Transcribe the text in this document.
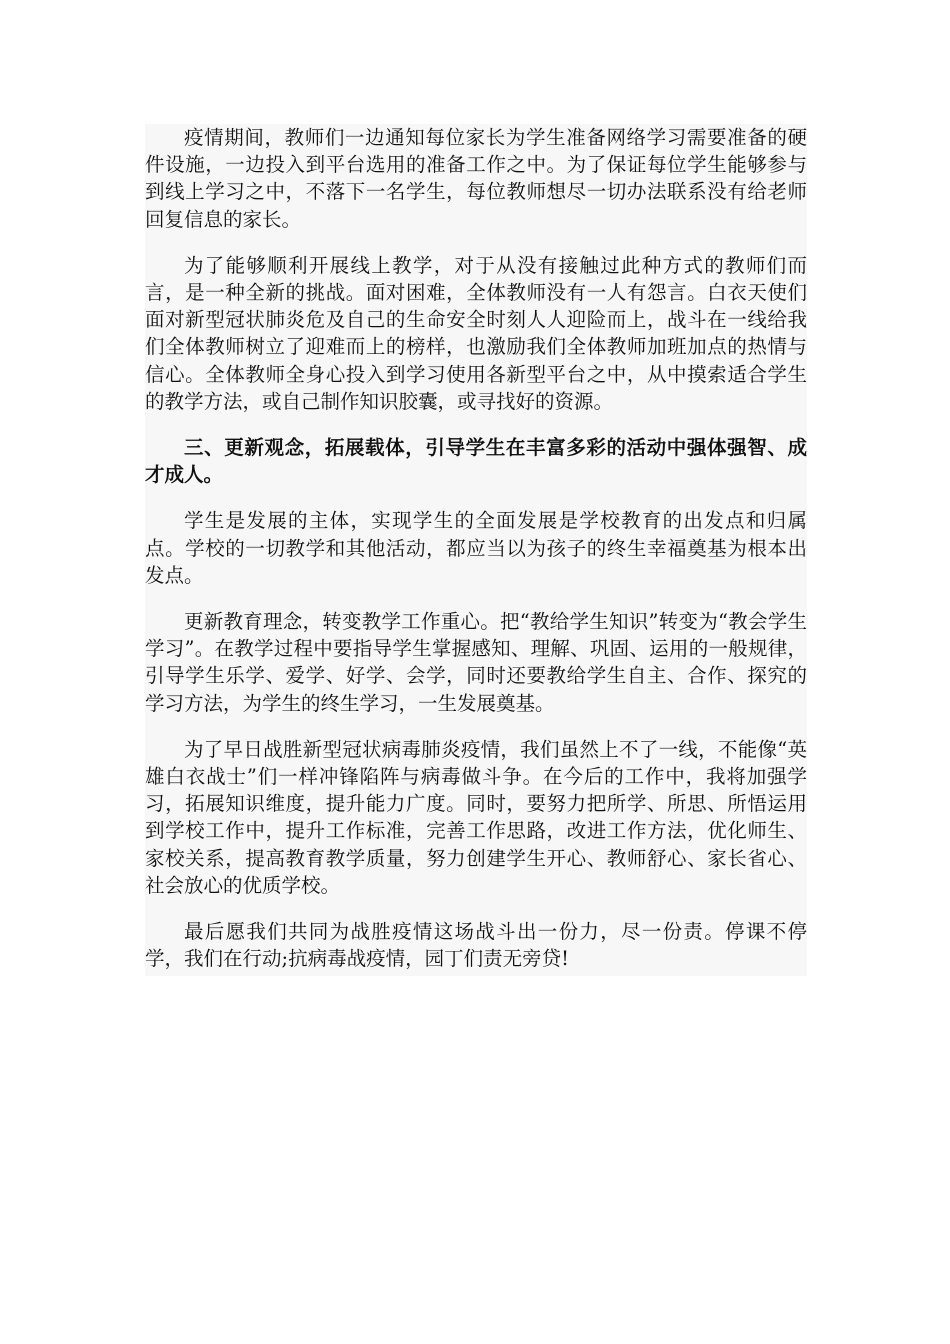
疫情期间，教师们一边通知每位家长为学生准备网络学习需要准备的硬件设施，一边投入到平台选用的准备工作之中。为了保证每位学生能够参与到线上学习之中，不落下一名学生，每位教师想尽一切办法联系没有给老师回复信息的家长。

为了能够顺利开展线上教学，对于从没有接触过此种方式的教师们而言，是一种全新的挑战。面对困难，全体教师没有一人有怨言。白衣天使们面对新型冠状肺炎危及自己的生命安全时刻人人迎险而上，战斗在一线给我们全体教师树立了迎难而上的榜样，也激励我们全体教师加班加点的热情与信心。全体教师全身心投入到学习使用各新型平台之中，从中摸索适合学生的教学方法，或自己制作知识胶囊，或寻找好的资源。

三、更新观念，拓展载体，引导学生在丰富多彩的活动中强体强智、成才成人。

学生是发展的主体，实现学生的全面发展是学校教育的出发点和归属点。学校的一切教学和其他活动，都应当以为孩子的终生幸福奠基为根本出发点。

更新教育理念，转变教学工作重心。把“教给学生知识”转变为“教会学生学习”。在教学过程中要指导学生掌握感知、理解、巩固、运用的一般规律，引导学生乐学、爱学、好学、会学，同时还要教给学生自主、合作、探究的学习方法，为学生的终生学习，一生发展奠基。

为了早日战胜新型冠状病毒肺炎疫情，我们虽然上不了一线，不能像“英雄白衣战士”们一样冲锋陷阵与病毒做斗争。在今后的工作中，我将加强学习，拓展知识维度，提升能力广度。同时，要努力把所学、所思、所悟运用到学校工作中，提升工作标准，完善工作思路，改进工作方法，优化师生、家校关系，提高教育教学质量，努力创建学生开心、教师舒心、家长省心、社会放心的优质学校。

最后愿我们共同为战胜疫情这场战斗出一份力，尽一份责。停课不停学，我们在行动;抗病毒战疫情，园丁们责无旁贷!
